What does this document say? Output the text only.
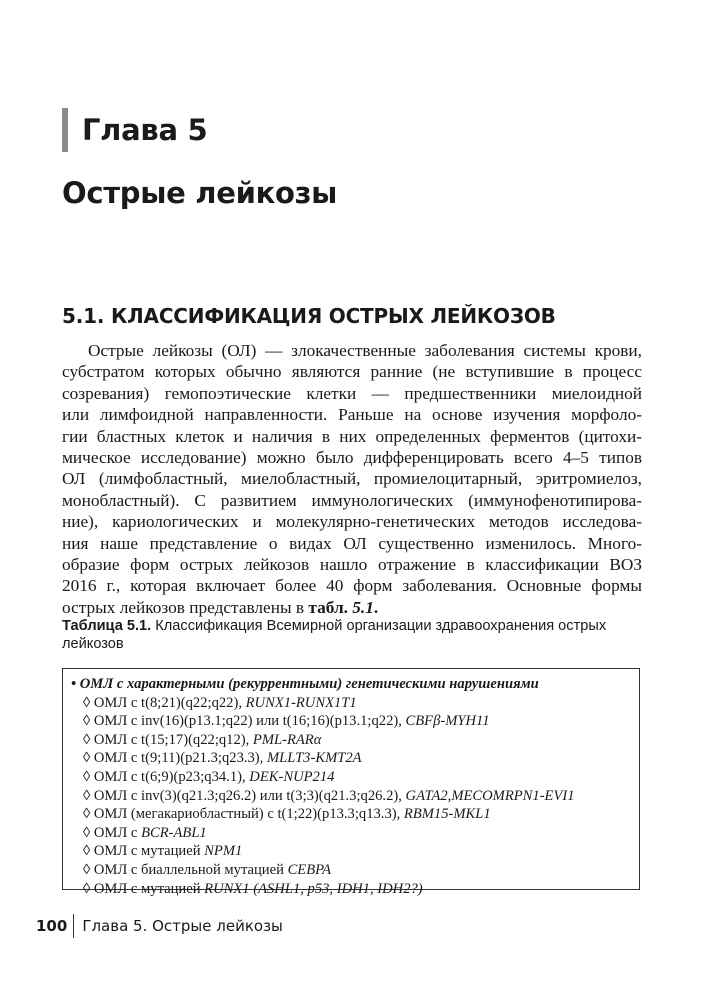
Глава 5
Острые лейкозы
5.1. КЛАССИФИКАЦИЯ ОСТРЫХ ЛЕЙКОЗОВ

Острые лейкозы (ОЛ) — злокачественные заболевания системы крови,
субстратом которых обычно являются ранние (не вступившие в процесс
созревания) гемопоэтические клетки — предшественники миелоидной
или лимфоидной направленности. Раньше на основе изучения морфоло-
гии бластных клеток и наличия в них определенных ферментов (цитохи-
мическое исследование) можно было дифференцировать всего 4–5 типов
ОЛ (лимфобластный, миелобластный, промиелоцитарный, эритромиелоз,
монобластный). С развитием иммунологических (иммунофенотипирова-
ние), кариологических и молекулярно-генетических методов исследова-
ния наше представление о видах ОЛ существенно изменилось. Много-
образие форм острых лейкозов нашло отражение в классификации ВОЗ
2016 г., которая включает более 40 форм заболевания. Основные формы
острых лейкозов представлены в табл. 5.1.

Таблица 5.1. Классификация Всемирной организации здравоохранения острых
лейкозов

• ОМЛ с характерными (рекуррентными) генетическими нарушениями
◊ ОМЛ с t(8;21)(q22;q22), RUNX1-RUNX1T1
◊ ОМЛ с inv(16)(p13.1;q22) или t(16;16)(p13.1;q22), CBFβ-MYH11
◊ ОМЛ с t(15;17)(q22;q12), PML-RARα
◊ ОМЛ с t(9;11)(p21.3;q23.3), MLLT3-KMT2A
◊ ОМЛ с t(6;9)(p23;q34.1), DEK-NUP214
◊ ОМЛ с inv(3)(q21.3;q26.2) или t(3;3)(q21.3;q26.2), GATA2,MECOMRPN1-EVI1
◊ ОМЛ (мегакариобластный) с t(1;22)(p13.3;q13.3), RBM15-MKL1
◊ ОМЛ с BCR-ABL1
◊ ОМЛ с мутацией NPM1
◊ ОМЛ с биаллельной мутацией CEBPA
◊ ОМЛ с мутацией RUNX1 (ASHL1, p53, IDH1, IDH2?)
100 Глава 5. Острые лейкозы
